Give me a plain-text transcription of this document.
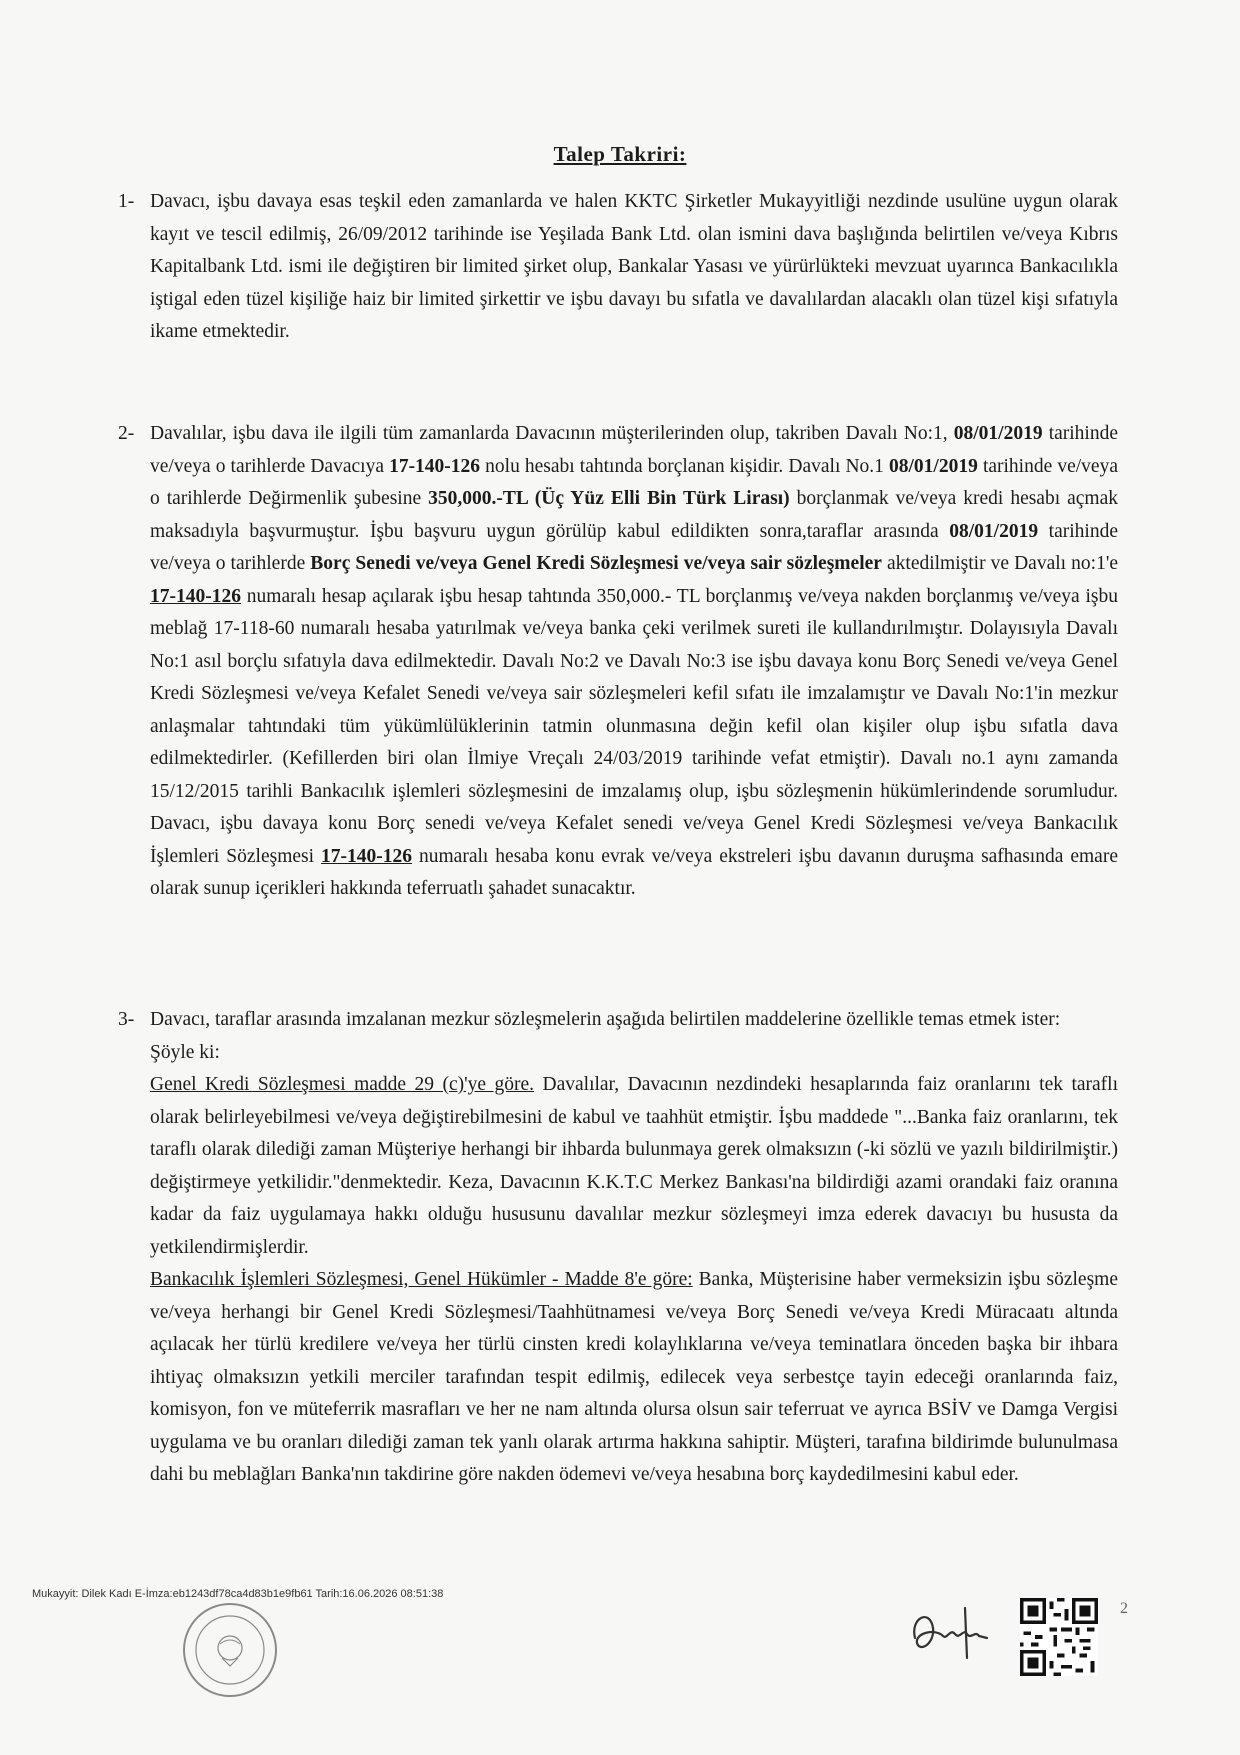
Talep Takriri:
1- Davacı, işbu davaya esas teşkil eden zamanlarda ve halen KKTC Şirketler Mukayyitliği nezdinde usulüne uygun olarak kayıt ve tescil edilmiş, 26/09/2012 tarihinde ise Yeşilada Bank Ltd. olan ismini dava başlığında belirtilen ve/veya Kıbrıs Kapitalbank Ltd. ismi ile değiştiren bir limited şirket olup, Bankalar Yasası ve yürürlükteki mevzuat uyarınca Bankacılıkla iştigal eden tüzel kişiliğe haiz bir limited şirkettir ve işbu davayı bu sıfatla ve davalılardan alacaklı olan tüzel kişi sıfatıyla ikame etmektedir.
2- Davalılar, işbu dava ile ilgili tüm zamanlarda Davacının müşterilerinden olup, takriben Davalı No:1, 08/01/2019 tarihinde ve/veya o tarihlerde Davacıya 17-140-126 nolu hesabı tahtında borçlanan kişidir. Davalı No.1 08/01/2019 tarihinde ve/veya o tarihlerde Değirmenlik şubesine 350,000.-TL (Üç Yüz Elli Bin Türk Lirası) borçlanmak ve/veya kredi hesabı açmak maksadıyla başvurmuştur. İşbu başvuru uygun görülüp kabul edildikten sonra,taraflar arasında 08/01/2019 tarihinde ve/veya o tarihlerde Borç Senedi ve/veya Genel Kredi Sözleşmesi ve/veya sair sözleşmeler aktedilmiştir ve Davalı no:1'e 17-140-126 numaralı hesap açılarak işbu hesap tahtında 350,000.- TL borçlanmış ve/veya nakden borçlanmış ve/veya işbu meblağ 17-118-60 numaralı hesaba yatırılmak ve/veya banka çeki verilmek sureti ile kullandırılmıştır. Dolayısıyla Davalı No:1 asıl borçlu sıfatıyla dava edilmektedir. Davalı No:2 ve Davalı No:3 ise işbu davaya konu Borç Senedi ve/veya Genel Kredi Sözleşmesi ve/veya Kefalet Senedi ve/veya sair sözleşmeleri kefil sıfatı ile imzalamıştır ve Davalı No:1'in mezkur anlaşmalar tahtındaki tüm yükümlülüklerinin tatmin olunmasına değin kefil olan kişiler olup işbu sıfatla dava edilmektedirler. (Kefillerden biri olan İlmiye Vreçalı 24/03/2019 tarihinde vefat etmiştir). Davalı no.1 aynı zamanda 15/12/2015 tarihli Bankacılık işlemleri sözleşmesini de imzalamış olup, işbu sözleşmenin hükümlerindende sorumludur. Davacı, işbu davaya konu Borç senedi ve/veya Kefalet senedi ve/veya Genel Kredi Sözleşmesi ve/veya Bankacılık İşlemleri Sözleşmesi 17-140-126 numaralı hesaba konu evrak ve/veya ekstreleri işbu davanın duruşma safhasında emare olarak sunup içerikleri hakkında teferruatlı şahadet sunacaktır.
3- Davacı, taraflar arasında imzalanan mezkur sözleşmelerin aşağıda belirtilen maddelerine özellikle temas etmek ister:

Şöyle ki:

Genel Kredi Sözleşmesi madde 29 (c)'ye göre. Davalılar, Davacının nezdindeki hesaplarında faiz oranlarını tek taraflı olarak belirleyebilmesi ve/veya değiştirebilmesini de kabul ve taahhüt etmiştir. İşbu maddede "...Banka faiz oranlarını, tek taraflı olarak dilediği zaman Müşteriye herhangi bir ihbarda bulunmaya gerek olmaksızın (-ki sözlü ve yazılı bildirilmiştir.) değiştirmeye yetkilidir."denmektedir. Keza, Davacının K.K.T.C Merkez Bankası'na bildirdiği azami orandaki faiz oranına kadar da faiz uygulamaya hakkı olduğu hususunu davalılar mezkur sözleşmeyi imza ederek davacıyı bu hususta da yetkilendirmişlerdir.

Bankacılık İşlemleri Sözleşmesi, Genel Hükümler - Madde 8'e göre: Banka, Müşterisine haber vermeksizin işbu sözleşme ve/veya herhangi bir Genel Kredi Sözleşmesi/Taahhütnamesi ve/veya Borç Senedi ve/veya Kredi Müracaatı altında açılacak her türlü kredilere ve/veya her türlü cinsten kredi kolaylıklarına ve/veya teminatlara önceden başka bir ihbara ihtiyaç olmaksızın yetkili merciler tarafından tespit edilmiş, edilecek veya serbestçe tayin edeceği oranlarında faiz, komisyon, fon ve müteferrik masrafları ve her ne nam altında olursa olsun sair teferruat ve ayrıca BSİV ve Damga Vergisi uygulama ve bu oranları dilediği zaman tek yanlı olarak artırma hakkına sahiptir. Müşteri, tarafına bildirimde bulunulmasa dahi bu meblağları Banka'nın takdirine göre nakden ödemevi ve/veya hesabına borç kaydedilmesini kabul eder.

Mukayyit: Dilek Kadı E-İmza:eb1243df78ca4d83b1e9fb61 Tarih:16.06.2026 08:51:38
2
